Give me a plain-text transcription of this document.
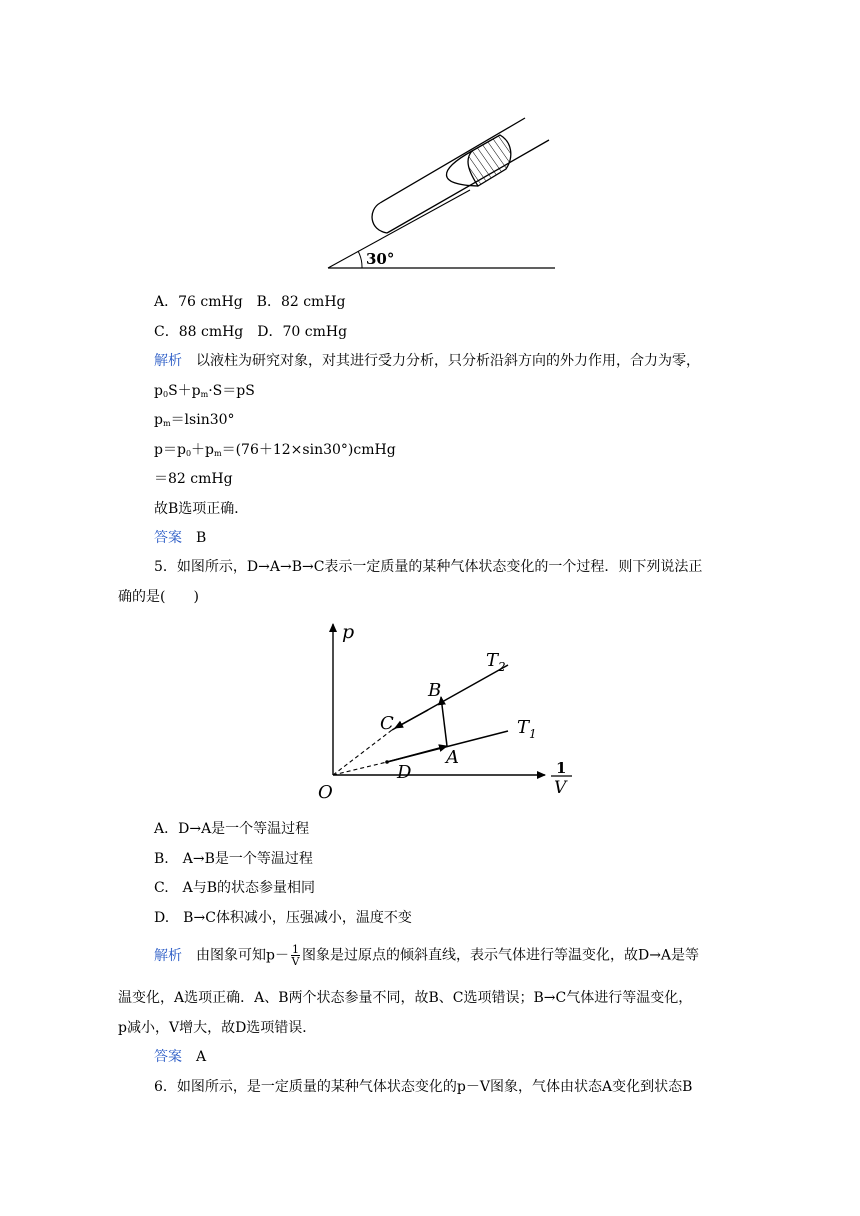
30°
A．76 cmHg　B．82 cmHg
C．88 cmHg　D．70 cmHg
解析 以液柱为研究对象，对其进行受力分析，只分析沿斜方向的外力作用，合力为零，
$p_0S+p_m\cdot S=pS$
$p_m=lsin30^\circ$
$p=p_0+p_m=(76+12\times\sin 30^\circ)cmHg$
＝82 cmHg
故B选项正确．
答案 B
5．如图所示，D→A→B→C表示一定质量的某种气体状态变化的一个过程．则下列说法正
确的是(　　)
p
1
V
O
B
C
A
D
$T_2$
$T_1$
A．D→A是一个等温过程
B.　A→B是一个等温过程
C.　A与B的状态参量相同
D.　B→C体积减小，压强减小，温度不变
解析 由图象可知$p- \frac{1}{V}$ 图象是过原点的倾斜直线，表示气体进行等温变化，故D→A是等
温变化，A选项正确．A、B两个状态参量不同，故B、C选项错误；B→C气体进行等温变化，
p减小，V增大，故D选项错误．
答案 A
6．如图所示，是一定质量的某种气体状态变化的p－V图象，气体由状态A变化到状态B
